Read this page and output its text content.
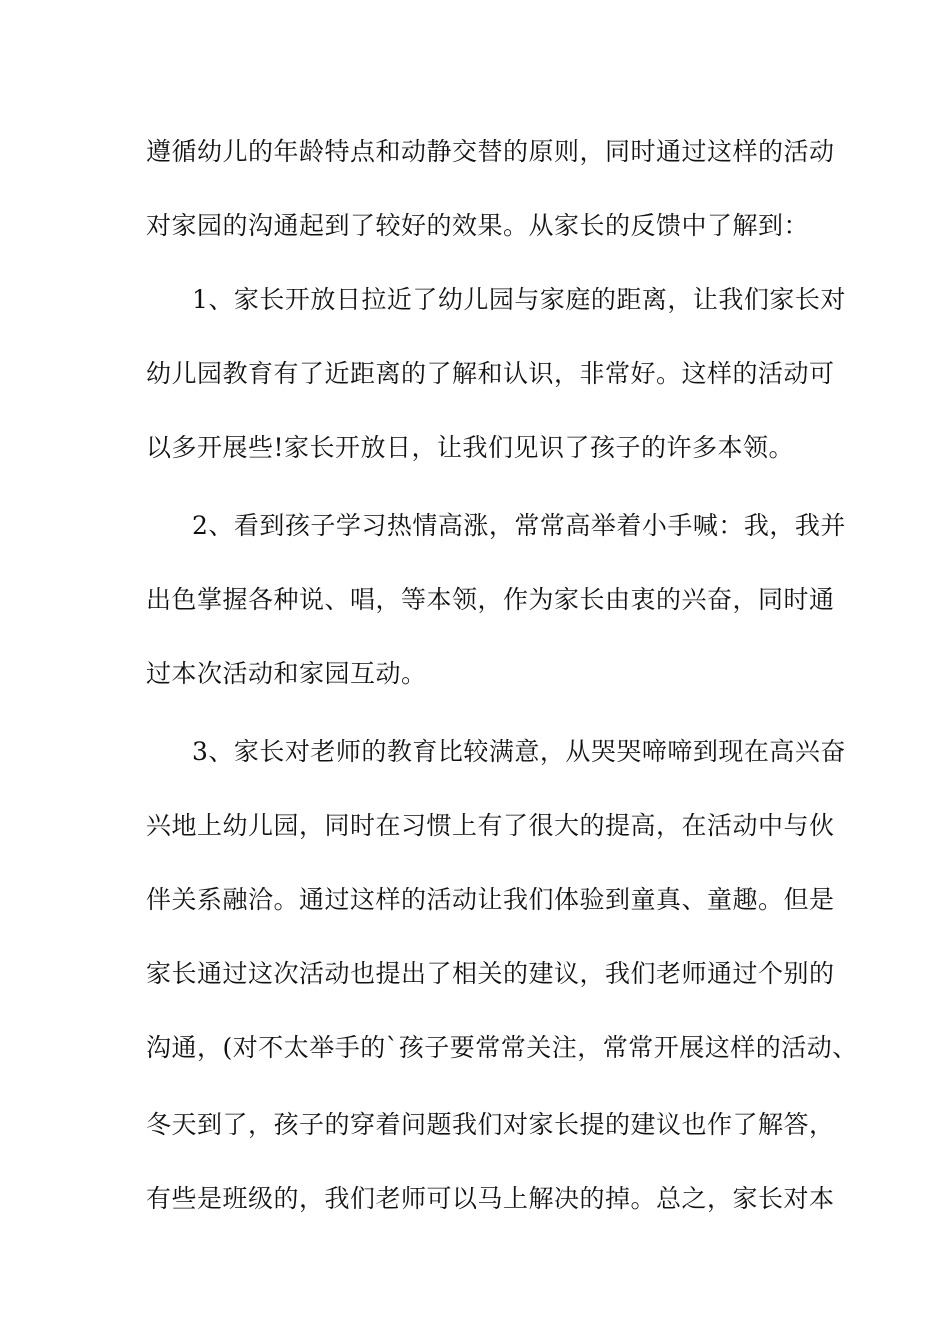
遵循幼儿的年龄特点和动静交替的原则，同时通过这样的活动
对家园的沟通起到了较好的效果。从家长的反馈中了解到：
1、家长开放日拉近了幼儿园与家庭的距离，让我们家长对
幼儿园教育有了近距离的了解和认识，非常好。这样的活动可
以多开展些!家长开放日，让我们见识了孩子的许多本领。
2、看到孩子学习热情高涨，常常高举着小手喊：我，我并
出色掌握各种说、唱，等本领，作为家长由衷的兴奋，同时通
过本次活动和家园互动。
3、家长对老师的教育比较满意，从哭哭啼啼到现在高兴奋
兴地上幼儿园，同时在习惯上有了很大的提高，在活动中与伙
伴关系融洽。通过这样的活动让我们体验到童真、童趣。但是
家长通过这次活动也提出了相关的建议，我们老师通过个别的
沟通，(对不太举手的`孩子要常常关注，常常开展这样的活动、
冬天到了，孩子的穿着问题我们对家长提的建议也作了解答，
有些是班级的，我们老师可以马上解决的掉。总之，家长对本
